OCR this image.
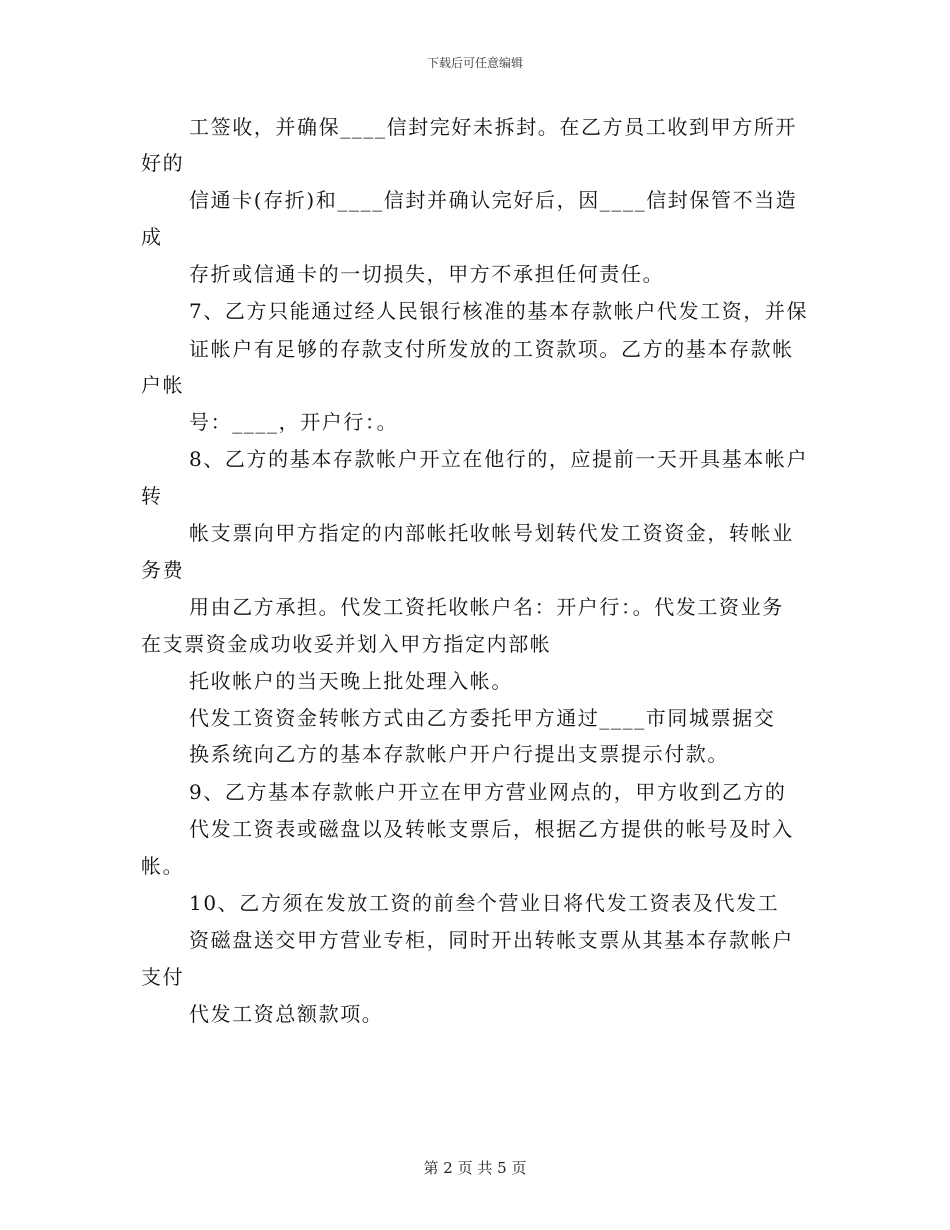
下载后可任意编辑
工签收，并确保____信封完好未拆封。在乙方员工收到甲方所开
好的
信通卡(存折)和____信封并确认完好后，因____信封保管不当造
成
存折或信通卡的一切损失，甲方不承担任何责任。
7、乙方只能通过经人民银行核准的基本存款帐户代发工资，并保
证帐户有足够的存款支付所发放的工资款项。乙方的基本存款帐
户帐
号：____，开户行：。
8、乙方的基本存款帐户开立在他行的，应提前一天开具基本帐户
转
帐支票向甲方指定的内部帐托收帐号划转代发工资资金，转帐业
务费
用由乙方承担。代发工资托收帐户名：开户行：。代发工资业务
在支票资金成功收妥并划入甲方指定内部帐
托收帐户的当天晚上批处理入帐。
代发工资资金转帐方式由乙方委托甲方通过____市同城票据交
换系统向乙方的基本存款帐户开户行提出支票提示付款。
9、乙方基本存款帐户开立在甲方营业网点的，甲方收到乙方的
代发工资表或磁盘以及转帐支票后，根据乙方提供的帐号及时入
帐。
10、乙方须在发放工资的前叁个营业日将代发工资表及代发工
资磁盘送交甲方营业专柜，同时开出转帐支票从其基本存款帐户
支付
代发工资总额款项。
第 2 页 共 5 页
